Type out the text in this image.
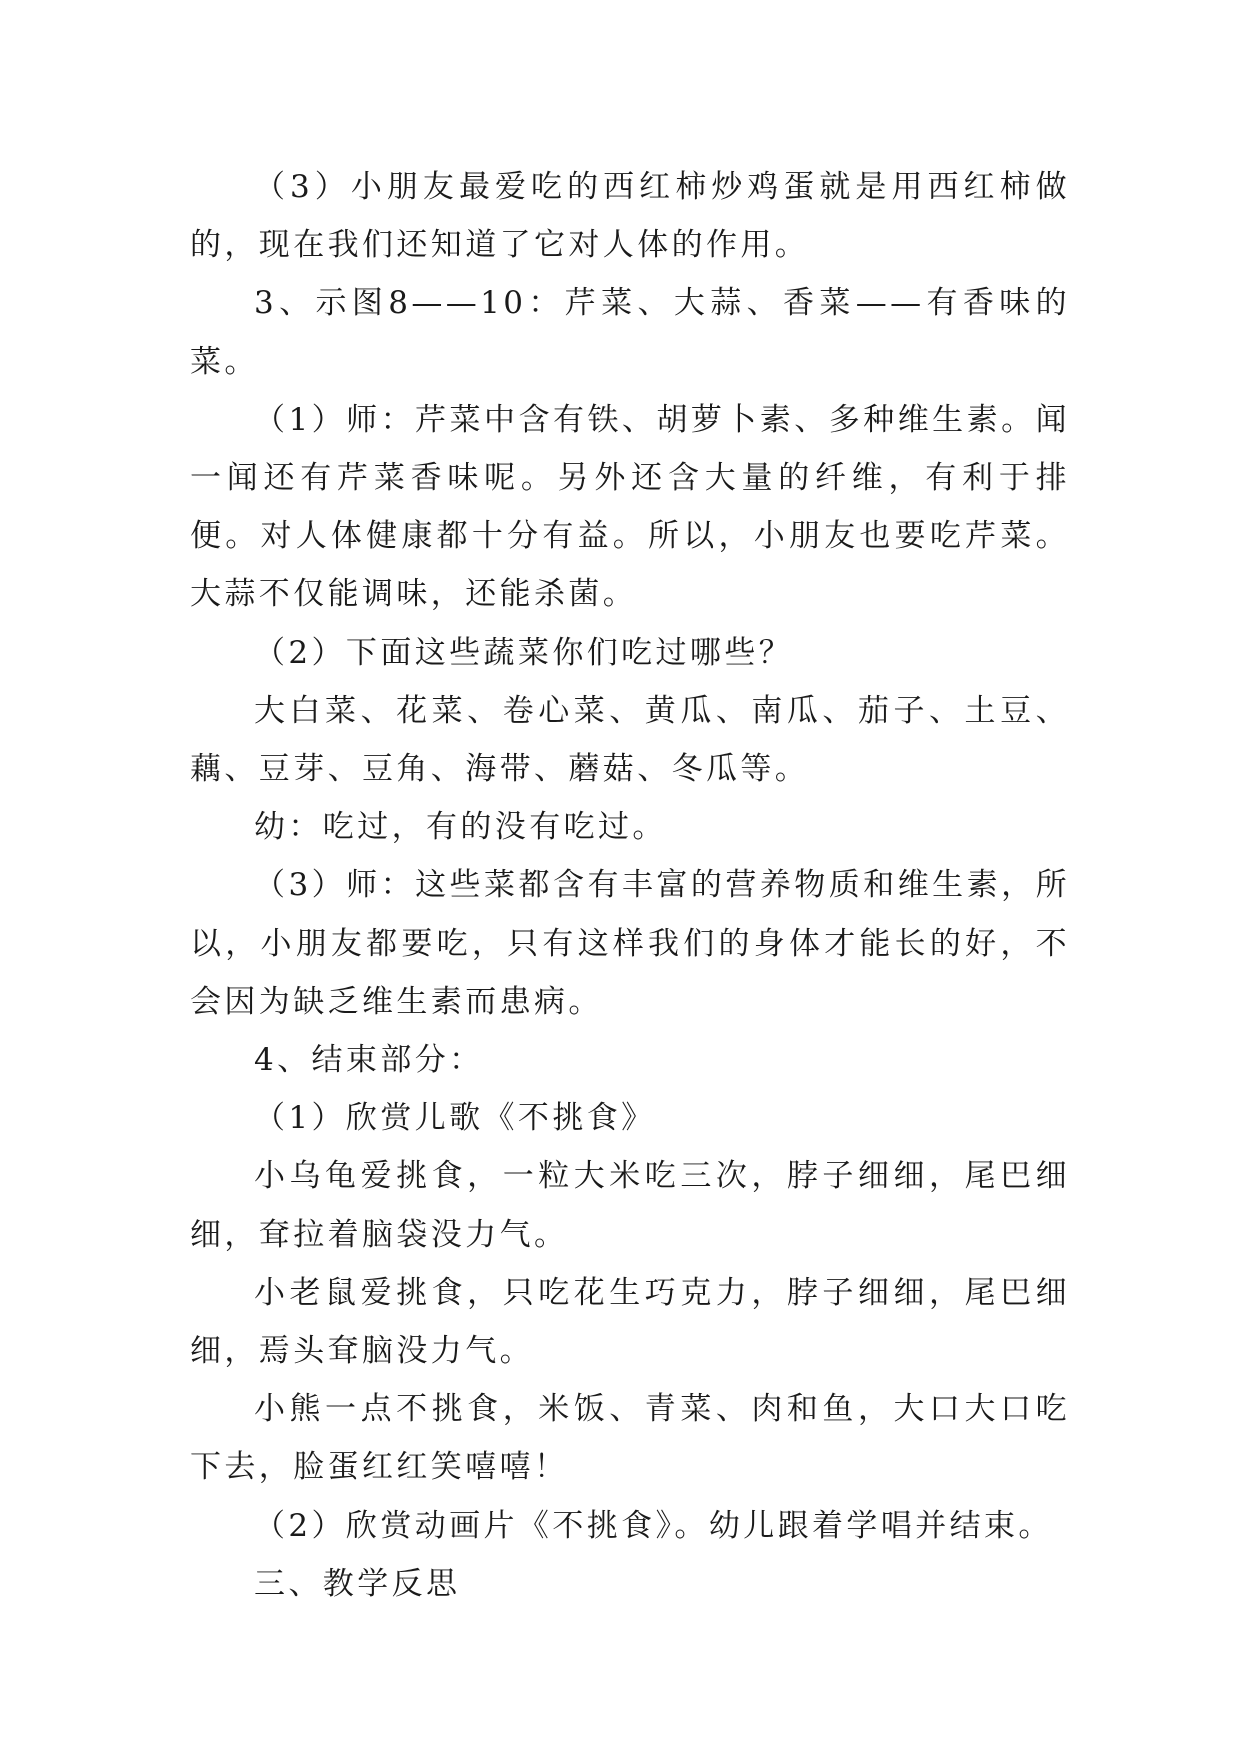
（3）小朋友最爱吃的西红柿炒鸡蛋就是用西红柿做的，现在我们还知道了它对人体的作用。

3、示图8——10：芹菜、大蒜、香菜——有香味的菜。

（1）师：芹菜中含有铁、胡萝卜素、多种维生素。闻一闻还有芹菜香味呢。另外还含大量的纤维，有利于排便。对人体健康都十分有益。所以，小朋友也要吃芹菜。大蒜不仅能调味，还能杀菌。

（2）下面这些蔬菜你们吃过哪些？

大白菜、花菜、卷心菜、黄瓜、南瓜、茄子、土豆、藕、豆芽、豆角、海带、蘑菇、冬瓜等。

幼：吃过，有的没有吃过。

（3）师：这些菜都含有丰富的营养物质和维生素，所以，小朋友都要吃，只有这样我们的身体才能长的好，不会因为缺乏维生素而患病。

4、结束部分：

（1）欣赏儿歌《不挑食》

小乌龟爱挑食，一粒大米吃三次，脖子细细，尾巴细细，耷拉着脑袋没力气。

小老鼠爱挑食，只吃花生巧克力，脖子细细，尾巴细细，焉头耷脑没力气。

小熊一点不挑食，米饭、青菜、肉和鱼，大口大口吃下去，脸蛋红红笑嘻嘻！

（2）欣赏动画片《不挑食》。幼儿跟着学唱并结束。

三、教学反思
